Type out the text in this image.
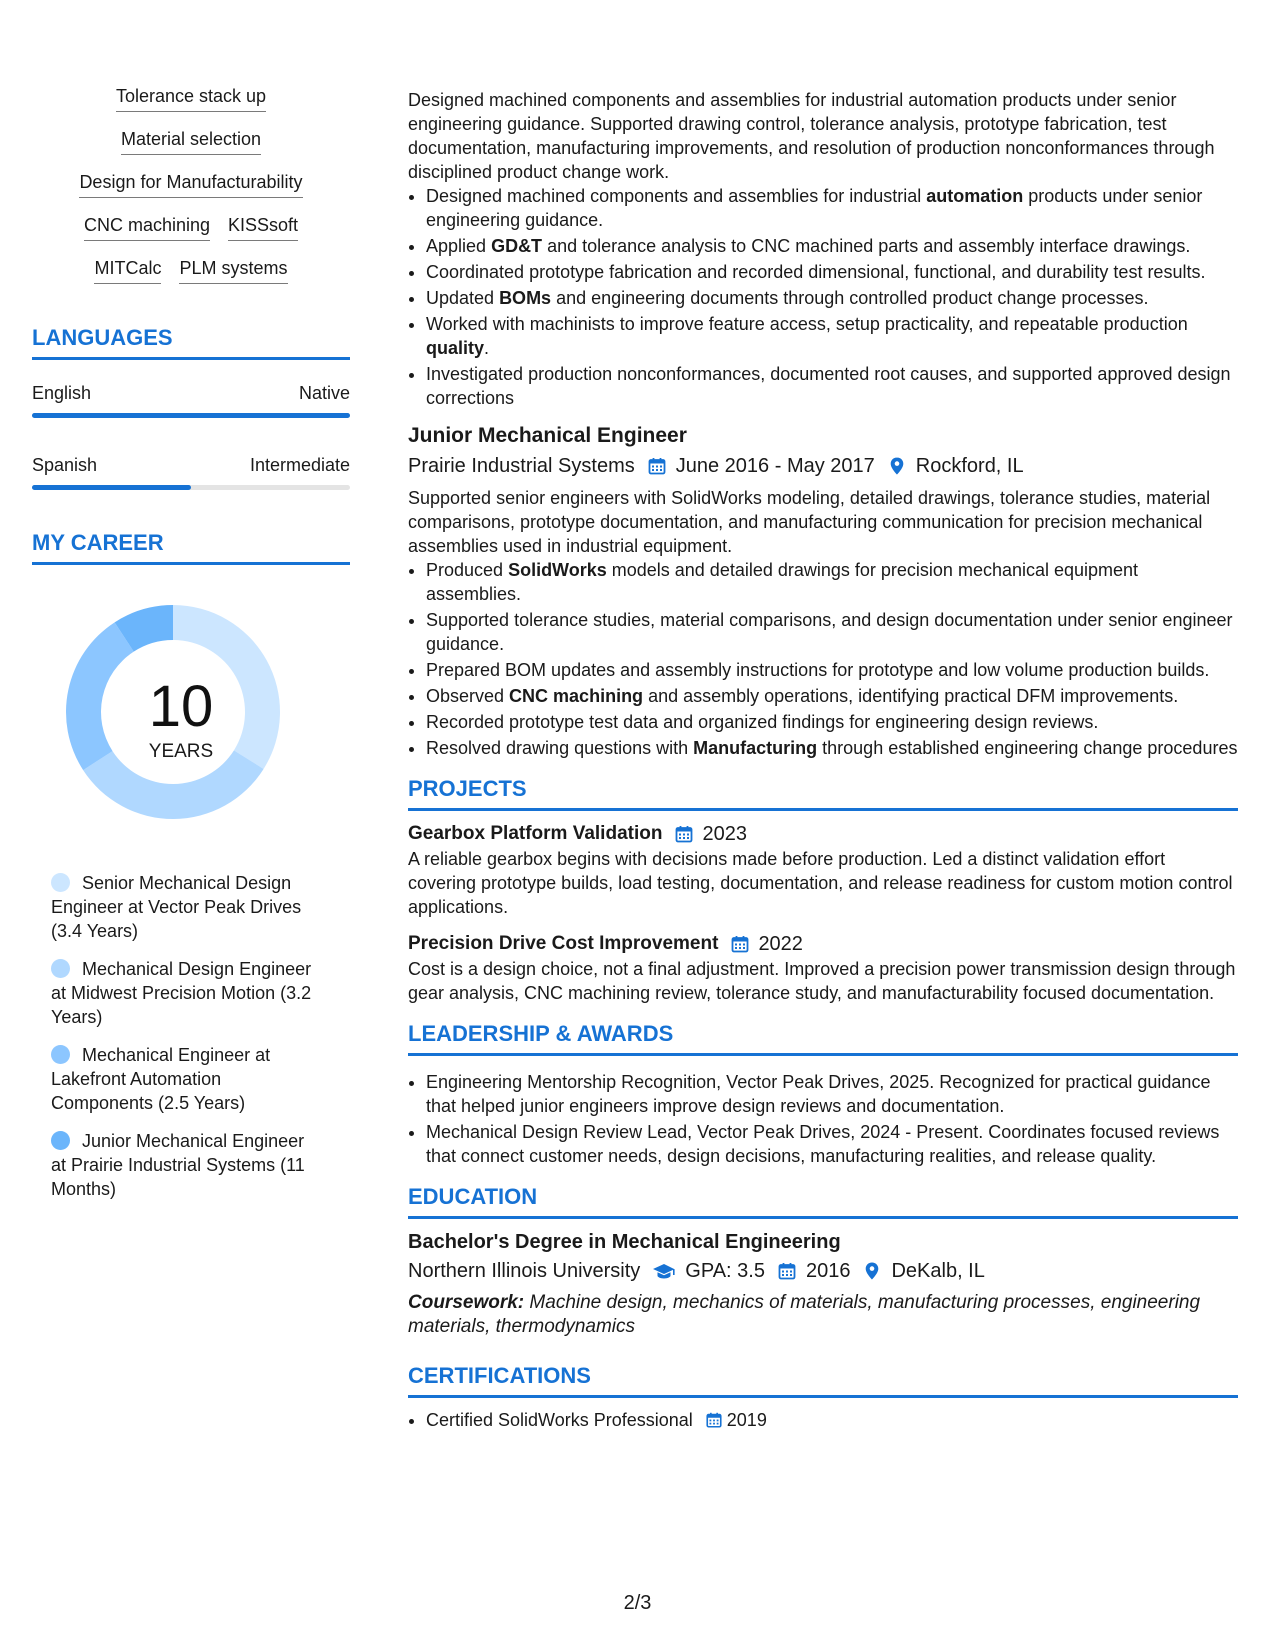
Tolerance stack up
Material selection
Design for Manufacturability
CNC machining KISSsoft
MITCalc PLM systems
LANGUAGES
English	Native
Spanish	Intermediate
MY CAREER
10
YEARS
Senior Mechanical Design Engineer at Vector Peak Drives (3.4 Years)
Mechanical Design Engineer at Midwest Precision Motion (3.2 Years)
Mechanical Engineer at Lakefront Automation Components (2.5 Years)
Junior Mechanical Engineer at Prairie Industrial Systems (11 Months)

Designed machined components and assemblies for industrial automation products under senior engineering guidance. Supported drawing control, tolerance analysis, prototype fabrication, test documentation, manufacturing improvements, and resolution of production nonconformances through disciplined product change work.

• Designed machined components and assemblies for industrial automation products under senior engineering guidance.
• Applied GD&T and tolerance analysis to CNC machined parts and assembly interface drawings.
• Coordinated prototype fabrication and recorded dimensional, functional, and durability test results.
• Updated BOMs and engineering documents through controlled product change processes.
• Worked with machinists to improve feature access, setup practicality, and repeatable production quality.
• Investigated production nonconformances, documented root causes, and supported approved design corrections
Junior Mechanical Engineer
Prairie Industrial Systems June 2016 - May 2017 Rockford, IL

Supported senior engineers with SolidWorks modeling, detailed drawings, tolerance studies, material comparisons, prototype documentation, and manufacturing communication for precision mechanical assemblies used in industrial equipment.

• Produced SolidWorks models and detailed drawings for precision mechanical equipment assemblies.
• Supported tolerance studies, material comparisons, and design documentation under senior engineer guidance.
• Prepared BOM updates and assembly instructions for prototype and low volume production builds.
• Observed CNC machining and assembly operations, identifying practical DFM improvements.
• Recorded prototype test data and organized findings for engineering design reviews.
• Resolved drawing questions with Manufacturing through established engineering change procedures
PROJECTS
Gearbox Platform Validation 2023

A reliable gearbox begins with decisions made before production. Led a distinct validation effort covering prototype builds, load testing, documentation, and release readiness for custom motion control applications.

Precision Drive Cost Improvement 2022

Cost is a design choice, not a final adjustment. Improved a precision power transmission design through gear analysis, CNC machining review, tolerance study, and manufacturability focused documentation.

LEADERSHIP & AWARDS
• Engineering Mentorship Recognition, Vector Peak Drives, 2025. Recognized for practical guidance that helped junior engineers improve design reviews and documentation.
• Mechanical Design Review Lead, Vector Peak Drives, 2024 - Present. Coordinates focused reviews that connect customer needs, design decisions, manufacturing realities, and release quality.
EDUCATION
Bachelor's Degree in Mechanical Engineering
Northern Illinois University GPA: 3.5 2016 DeKalb, IL
Coursework: Machine design, mechanics of materials, manufacturing processes, engineering materials, thermodynamics
CERTIFICATIONS
• Certified SolidWorks Professional 2019
2/3
